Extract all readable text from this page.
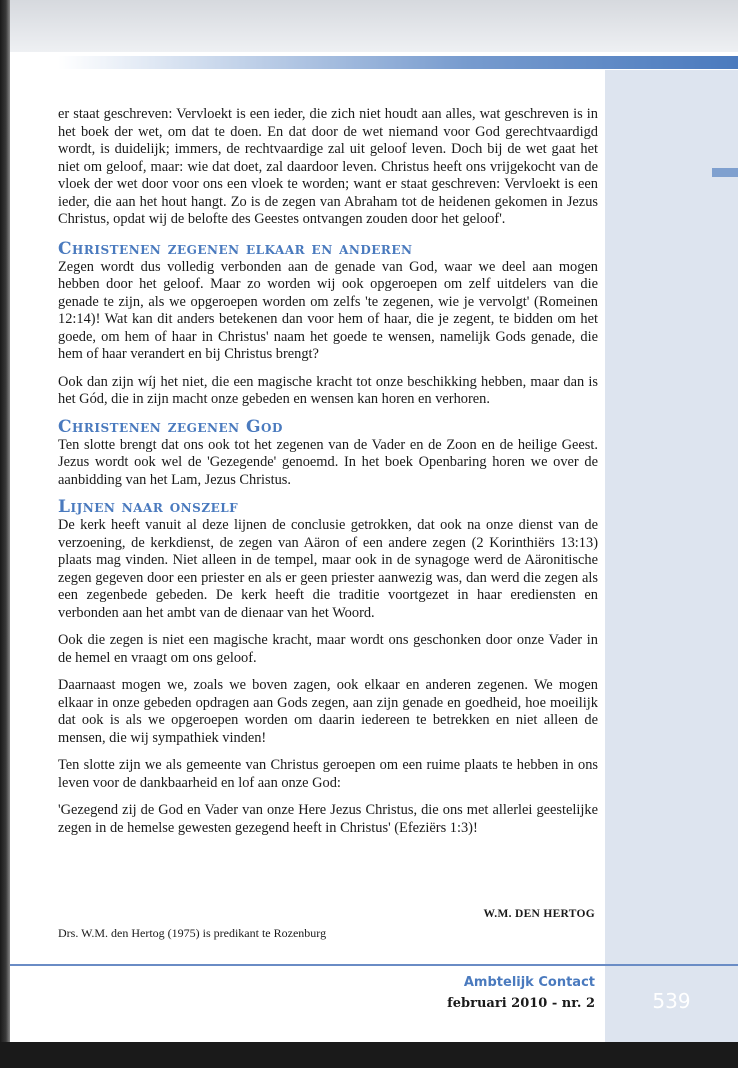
er staat geschreven: Vervloekt is een ieder, die zich niet houdt aan alles, wat geschreven is in het boek der wet, om dat te doen. En dat door de wet niemand voor God gerechtvaardigd wordt, is duidelijk; immers, de rechtvaardige zal uit geloof leven. Doch bij de wet gaat het niet om geloof, maar: wie dat doet, zal daardoor leven. Christus heeft ons vrijgekocht van de vloek der wet door voor ons een vloek te worden; want er staat geschreven: Vervloekt is een ieder, die aan het hout hangt. Zo is de zegen van Abraham tot de heidenen gekomen in Jezus Christus, opdat wij de belofte des Geestes ontvangen zouden door het geloof'.

Christenen zegenen elkaar en anderen

Zegen wordt dus volledig verbonden aan de genade van God, waar we deel aan mogen hebben door het geloof. Maar zo worden wij ook opgeroepen om zelf uitdelers van die genade te zijn, als we opgeroepen worden om zelfs 'te zegenen, wie je vervolgt' (Romeinen 12:14)! Wat kan dit anders betekenen dan voor hem of haar, die je zegent, te bidden om het goede, om hem of haar in Christus' naam het goede te wensen, namelijk Gods genade, die hem of haar verandert en bij Christus brengt?

Ook dan zijn wíj het niet, die een magische kracht tot onze beschikking hebben, maar dan is het Gód, die in zijn macht onze gebeden en wensen kan horen en verhoren.

Christenen zegenen God

Ten slotte brengt dat ons ook tot het zegenen van de Vader en de Zoon en de heilige Geest. Jezus wordt ook wel de 'Gezegende' genoemd. In het boek Openbaring horen we over de aanbidding van het Lam, Jezus Christus.

Lijnen naar onszelf

De kerk heeft vanuit al deze lijnen de conclusie getrokken, dat ook na onze dienst van de verzoening, de kerkdienst, de zegen van Aäron of een andere zegen (2 Korinthiërs 13:13) plaats mag vinden. Niet alleen in de tempel, maar ook in de synagoge werd de Aäronitische zegen gegeven door een priester en als er geen priester aanwezig was, dan werd die zegen als een zegenbede gebeden. De kerk heeft die traditie voortgezet in haar erediensten en verbonden aan het ambt van de dienaar van het Woord.

Ook die zegen is niet een magische kracht, maar wordt ons geschonken door onze Vader in de hemel en vraagt om ons geloof.

Daarnaast mogen we, zoals we boven zagen, ook elkaar en anderen zegenen. We mogen elkaar in onze gebeden opdragen aan Gods zegen, aan zijn genade en goedheid, hoe moeilijk dat ook is als we opgeroepen worden om daarin iedereen te betrekken en niet alleen de mensen, die wij sympathiek vinden!

Ten slotte zijn we als gemeente van Christus geroepen om een ruime plaats te hebben in ons leven voor de dankbaarheid en lof aan onze God:

'Gezegend zij de God en Vader van onze Here Jezus Christus, die ons met allerlei geestelijke zegen in de hemelse gewesten gezegend heeft in Christus' (Efeziërs 1:3)!

W.M. DEN HERTOG
Drs. W.M. den Hertog (1975) is predikant te Rozenburg
Ambtelijk Contact
februari 2010 - nr. 2	539
